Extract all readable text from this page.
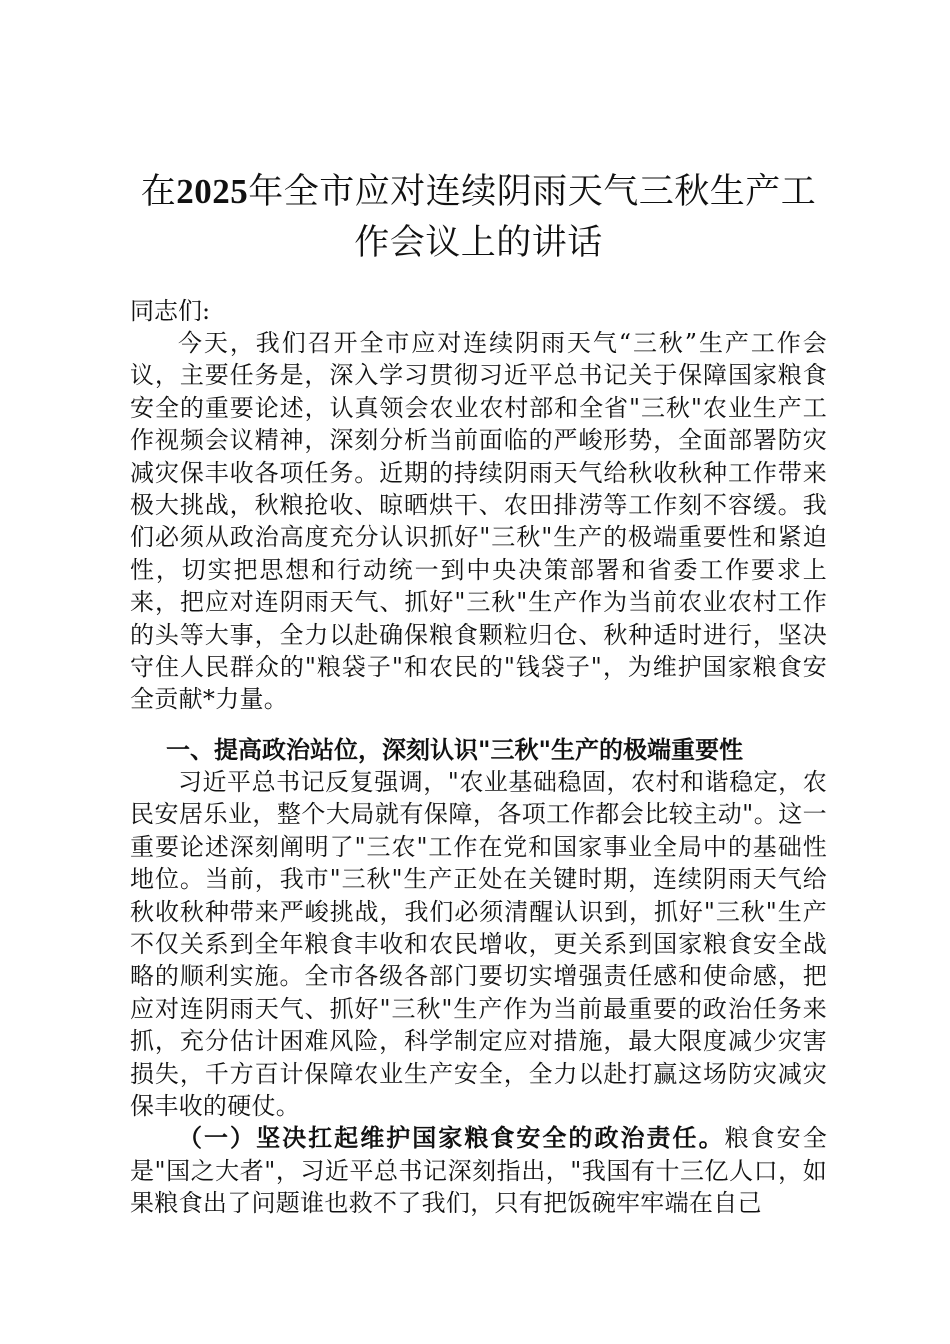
在2025年全市应对连续阴雨天气三秋生产工
作会议上的讲话
同志们:

今天，我们召开全市应对连续阴雨天气“三秋”生产工作会议，主要任务是，深入学习贯彻习近平总书记关于保障国家粮食安全的重要论述，认真领会农业农村部和全省"三秋"农业生产工作视频会议精神，深刻分析当前面临的严峻形势，全面部署防灾减灾保丰收各项任务。近期的持续阴雨天气给秋收秋种工作带来极大挑战，秋粮抢收、晾晒烘干、农田排涝等工作刻不容缓。我们必须从政治高度充分认识抓好"三秋"生产的极端重要性和紧迫性，切实把思想和行动统一到中央决策部署和省委工作要求上来，把应对连阴雨天气、抓好"三秋"生产作为当前农业农村工作的头等大事，全力以赴确保粮食颗粒归仓、秋种适时进行，坚决守住人民群众的"粮袋子"和农民的"钱袋子"，为维护国家粮食安全贡献*力量。

一、提高政治站位，深刻认识"三秋"生产的极端重要性

习近平总书记反复强调，"农业基础稳固，农村和谐稳定，农民安居乐业，整个大局就有保障，各项工作都会比较主动"。这一重要论述深刻阐明了"三农"工作在党和国家事业全局中的基础性地位。当前，我市"三秋"生产正处在关键时期，连续阴雨天气给秋收秋种带来严峻挑战，我们必须清醒认识到，抓好"三秋"生产不仅关系到全年粮食丰收和农民增收，更关系到国家粮食安全战略的顺利实施。全市各级各部门要切实增强责任感和使命感，把应对连阴雨天气、抓好"三秋"生产作为当前最重要的政治任务来抓，充分估计困难风险，科学制定应对措施，最大限度减少灾害损失，千方百计保障农业生产安全，全力以赴打赢这场防灾减灾保丰收的硬仗。

（一）坚决扛起维护国家粮食安全的政治责任。粮食安全是"国之大者"，习近平总书记深刻指出，"我国有十三亿人口，如果粮食出了问题谁也救不了我们，只有把饭碗牢牢端在自己
